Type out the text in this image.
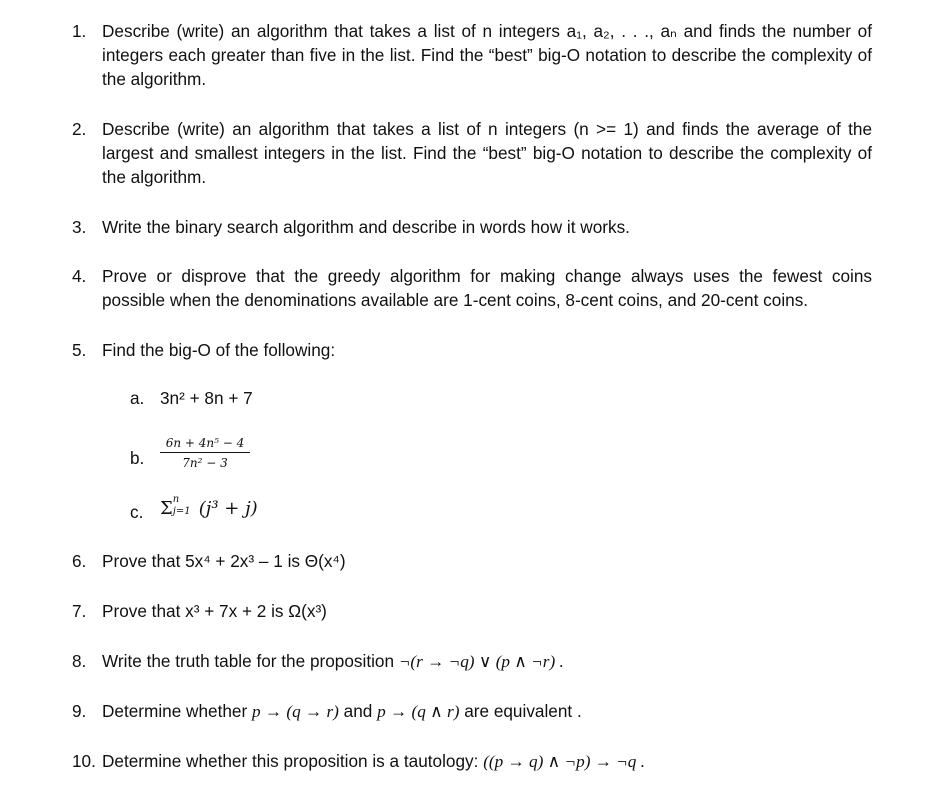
1. Describe (write) an algorithm that takes a list of n integers a₁, a₂, . . ., aₙ and finds the number of integers each greater than five in the list. Find the “best” big-O notation to describe the complexity of the algorithm.
2. Describe (write) an algorithm that takes a list of n integers (n >= 1) and finds the average of the largest and smallest integers in the list. Find the “best” big-O notation to describe the complexity of the algorithm.
3. Write the binary search algorithm and describe in words how it works.
4. Prove or disprove that the greedy algorithm for making change always uses the fewest coins possible when the denominations available are 1-cent coins, 8-cent coins, and 20-cent coins.
5. Find the big-O of the following:
a. 3n² + 8n + 7
b.
6n + 4n⁵ − 4
7n² − 3
c. Σ n
j=1 (j³ + j)
6. Prove that 5x⁴ + 2x³ – 1 is Θ(x⁴)
7. Prove that x³ + 7x + 2 is Ω(x³)
8. Write the truth table for the proposition ¬(r → ¬q) ∨ (p ∧ ¬r) .
9. Determine whether p → (q → r) and p → (q ∧ r) are equivalent .
10. Determine whether this proposition is a tautology: ((p → q) ∧ ¬p) → ¬q .
